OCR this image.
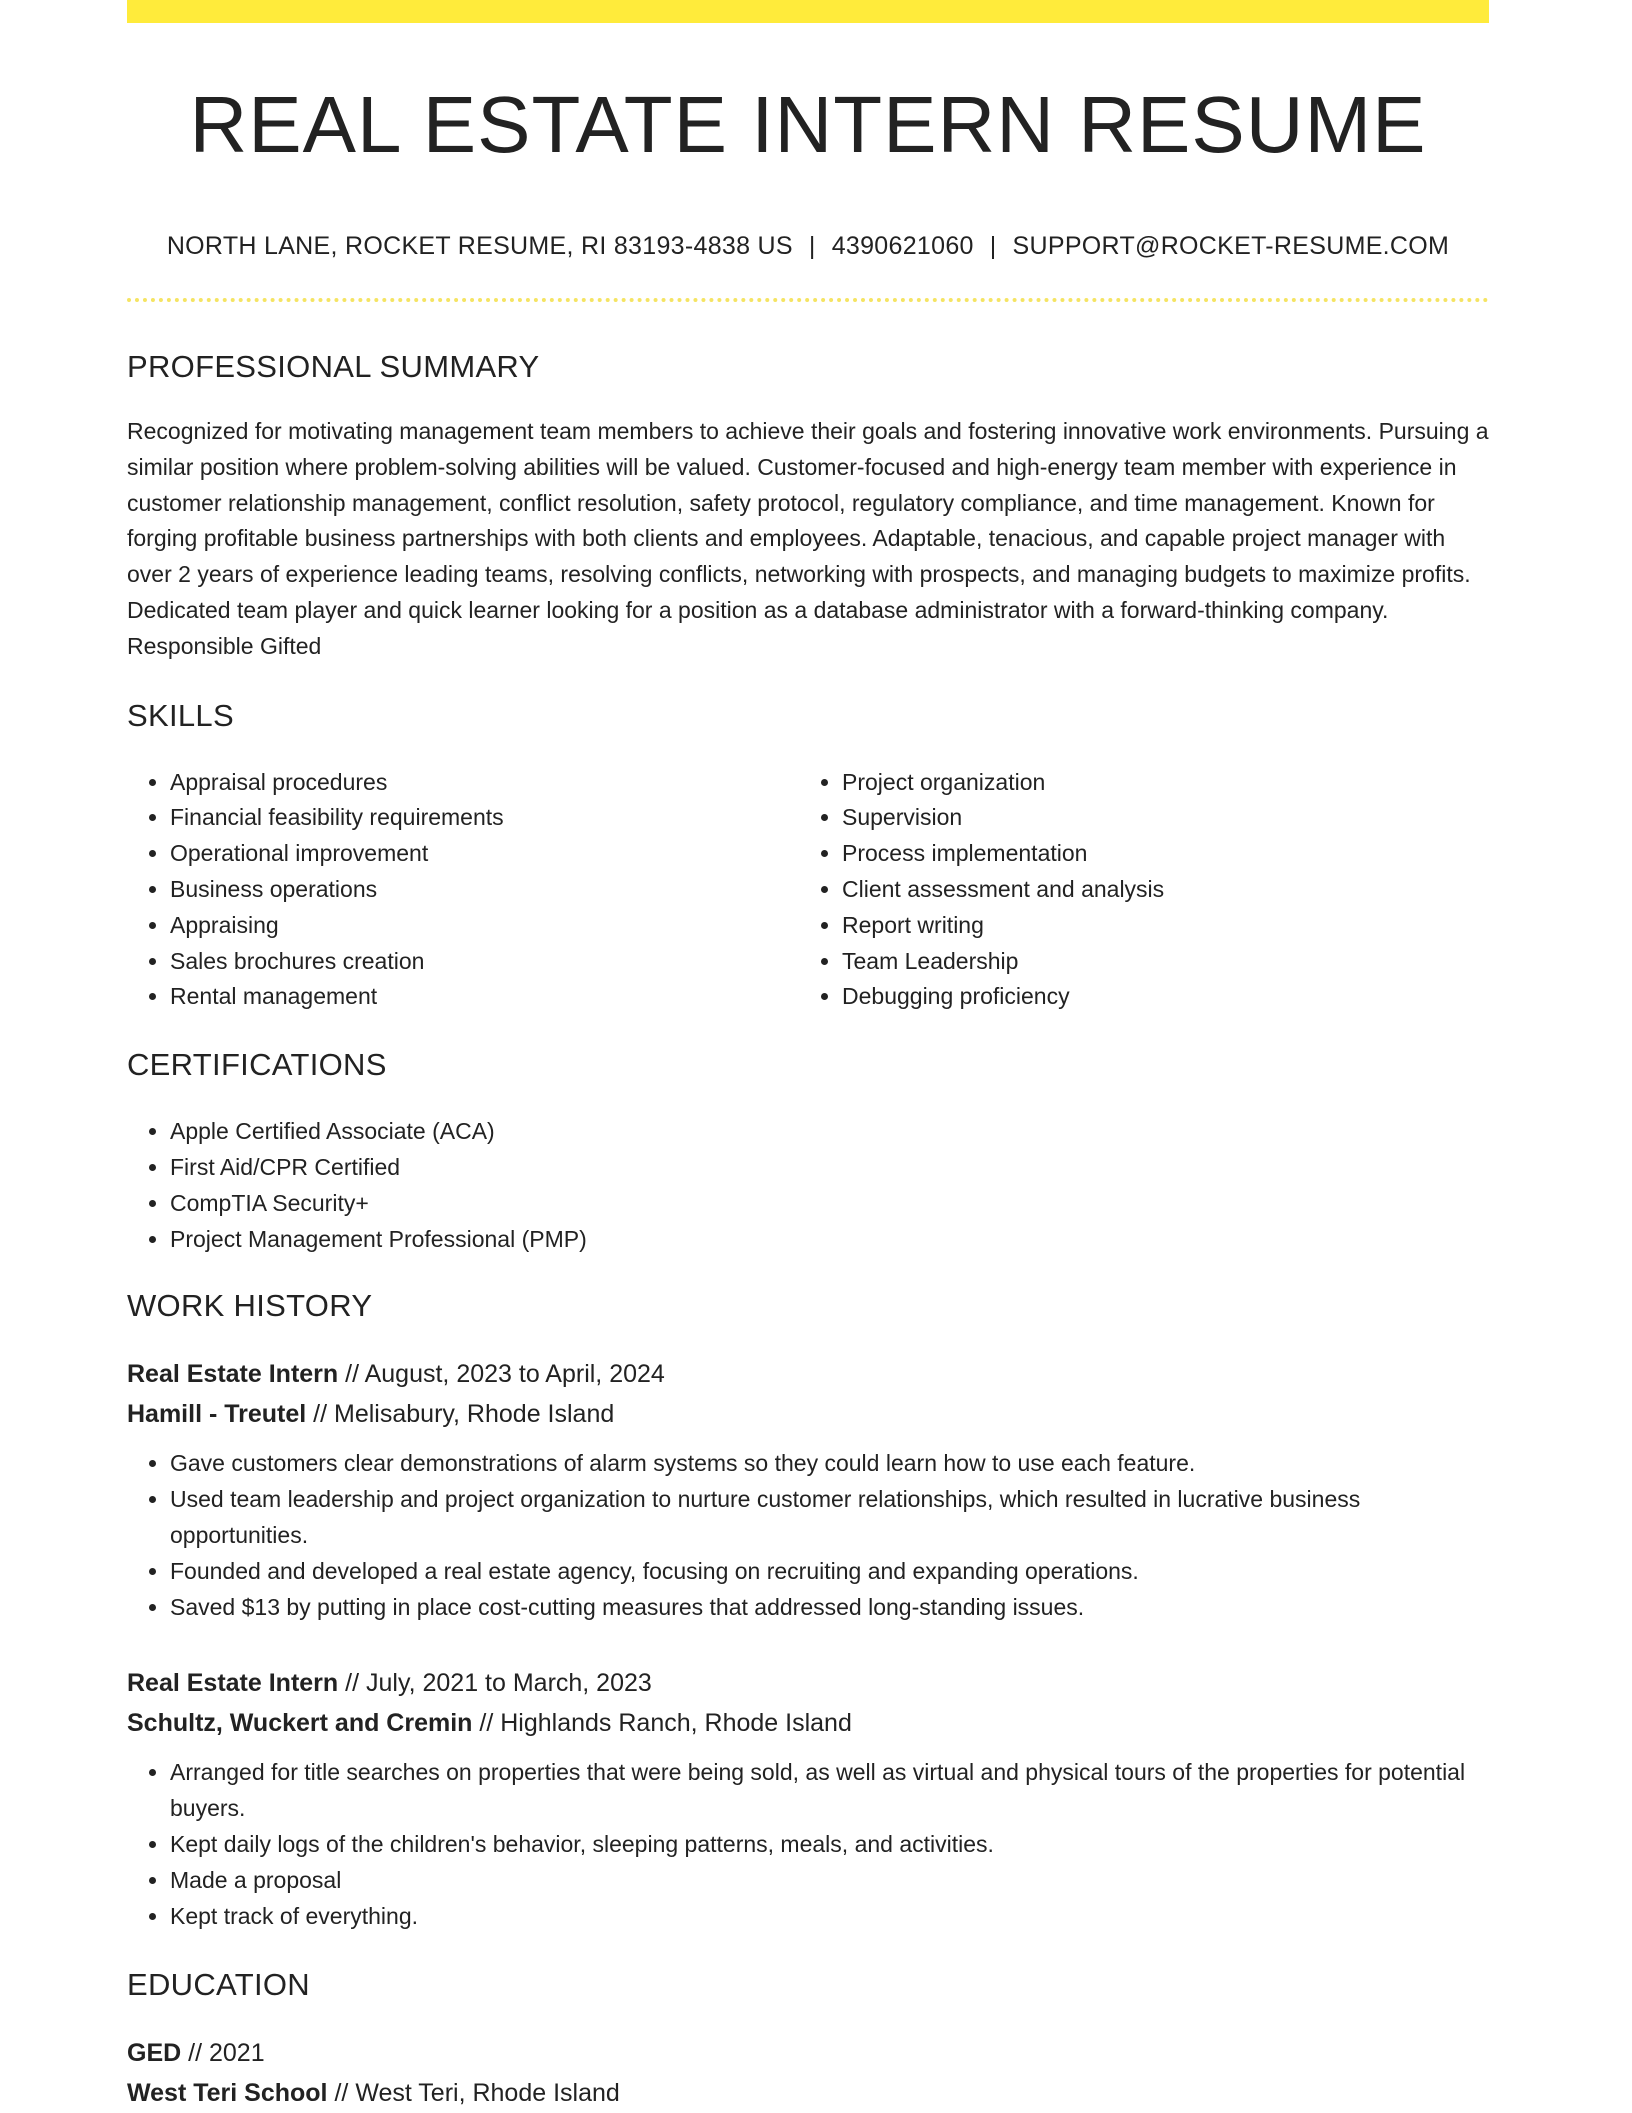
REAL ESTATE INTERN RESUME
NORTH LANE, ROCKET RESUME, RI 83193-4838 US | 4390621060 | SUPPORT@ROCKET-RESUME.COM
PROFESSIONAL SUMMARY
Recognized for motivating management team members to achieve their goals and fostering innovative work environments. Pursuing a similar position where problem-solving abilities will be valued. Customer-focused and high-energy team member with experience in customer relationship management, conflict resolution, safety protocol, regulatory compliance, and time management. Known for forging profitable business partnerships with both clients and employees. Adaptable, tenacious, and capable project manager with over 2 years of experience leading teams, resolving conflicts, networking with prospects, and managing budgets to maximize profits. Dedicated team player and quick learner looking for a position as a database administrator with a forward-thinking company. Responsible Gifted
SKILLS
• Appraisal procedures
• Financial feasibility requirements
• Operational improvement
• Business operations
• Appraising
• Sales brochures creation
• Rental management
• Project organization
• Supervision
• Process implementation
• Client assessment and analysis
• Report writing
• Team Leadership
• Debugging proficiency
CERTIFICATIONS
• Apple Certified Associate (ACA)
• First Aid/CPR Certified
• CompTIA Security+
• Project Management Professional (PMP)
WORK HISTORY
Real Estate Intern // August, 2023 to April, 2024
Hamill - Treutel // Melisabury, Rhode Island
• Gave customers clear demonstrations of alarm systems so they could learn how to use each feature.
• Used team leadership and project organization to nurture customer relationships, which resulted in lucrative business opportunities.
• Founded and developed a real estate agency, focusing on recruiting and expanding operations.
• Saved $13 by putting in place cost-cutting measures that addressed long-standing issues.
Real Estate Intern // July, 2021 to March, 2023
Schultz, Wuckert and Cremin // Highlands Ranch, Rhode Island
• Arranged for title searches on properties that were being sold, as well as virtual and physical tours of the properties for potential buyers.
• Kept daily logs of the children's behavior, sleeping patterns, meals, and activities.
• Made a proposal
• Kept track of everything.
EDUCATION
GED // 2021
West Teri School // West Teri, Rhode Island
